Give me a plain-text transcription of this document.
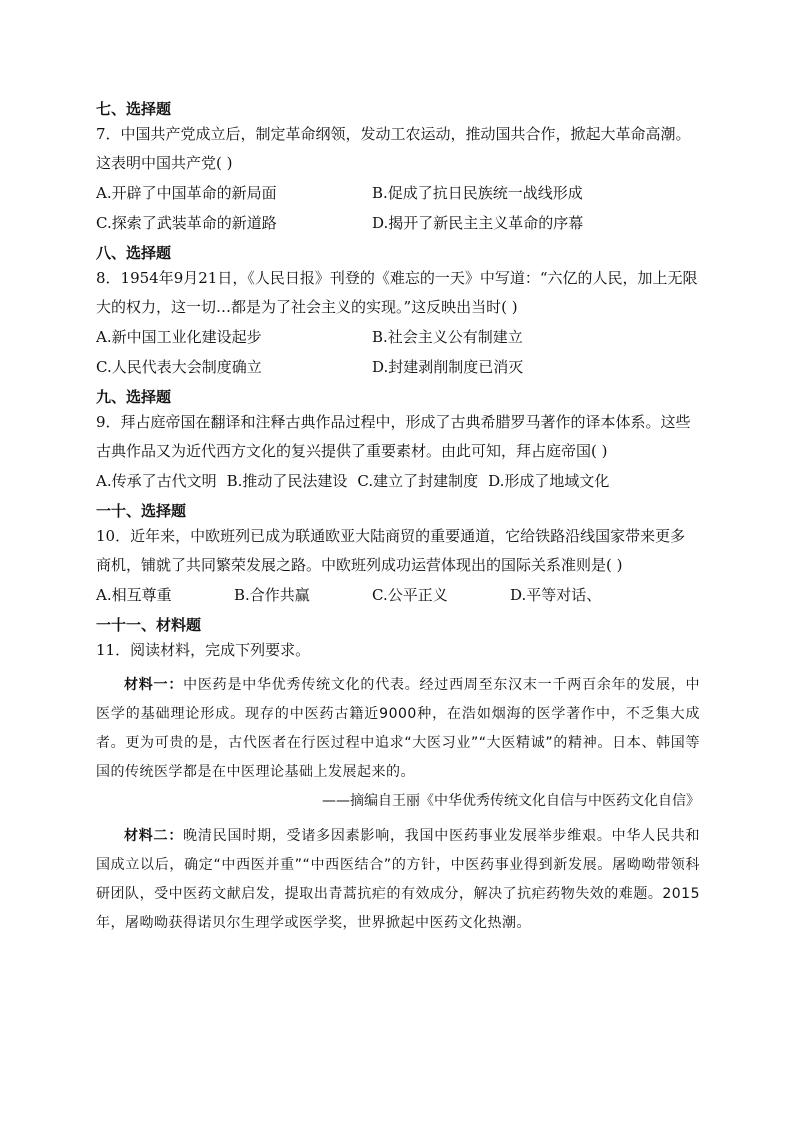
七、选择题

7．中国共产党成立后，制定革命纲领，发动工农运动，推动国共合作，掀起大革命高潮。这表明中国共产党( )

A.开辟了中国革命的新局面	B.促成了抗日民族统一战线形成
C.探索了武装革命的新道路	D.揭开了新民主主义革命的序幕
八、选择题

8．1954年9月21日，《人民日报》刊登的《难忘的一天》中写道：“六亿的人民，加上无限大的权力，这一切…都是为了社会主义的实现。”这反映出当时( )

A.新中国工业化建设起步	B.社会主义公有制建立
C.人民代表大会制度确立	D.封建剥削制度已消灭
九、选择题

9．拜占庭帝国在翻译和注释古典作品过程中，形成了古典希腊罗马著作的译本体系。这些古典作品又为近代西方文化的复兴提供了重要素材。由此可知，拜占庭帝国( )

A.传承了古代文明 B.推动了民法建设 C.建立了封建制度 D.形成了地域文化
一十、选择题

10．近年来，中欧班列已成为联通欧亚大陆商贸的重要通道，它给铁路沿线国家带来更多商机，铺就了共同繁荣发展之路。中欧班列成功运营体现出的国际关系准则是( )

A.相互尊重	B.合作共赢	C.公平正义	D.平等对话、
一十一、材料题

11．阅读材料，完成下列要求。

材料一：中医药是中华优秀传统文化的代表。经过西周至东汉末一千两百余年的发展，中医学的基础理论形成。现存的中医药古籍近9000种，在浩如烟海的医学著作中，不乏集大成者。更为可贵的是，古代医者在行医过程中追求“大医习业”“大医精诚”的精神。日本、韩国等国的传统医学都是在中医理论基础上发展起来的。

——摘编自王丽《中华优秀传统文化自信与中医药文化自信》

材料二：晚清民国时期，受诸多因素影响，我国中医药事业发展举步维艰。中华人民共和国成立以后，确定“中西医并重”“中西医结合”的方针，中医药事业得到新发展。屠呦呦带领科研团队，受中医药文献启发，提取出青蒿抗疟的有效成分，解决了抗疟药物失效的难题。2015年，屠呦呦获得诺贝尔生理学或医学奖，世界掀起中医药文化热潮。
